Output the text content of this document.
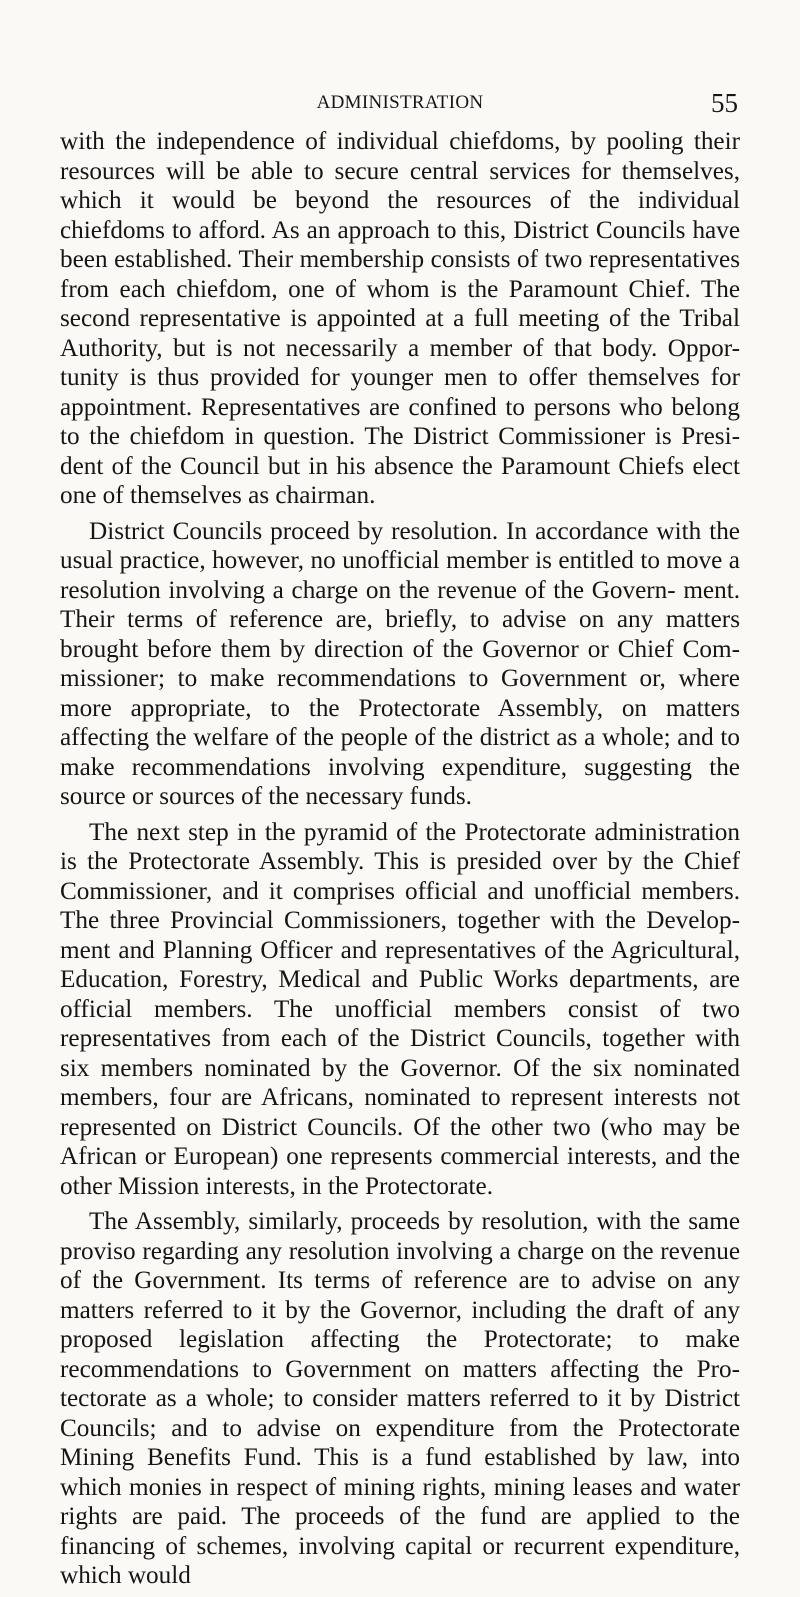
ADMINISTRATION	55

with the independence of individual chiefdoms, by pooling their resources will be able to secure central services for themselves, which it would be beyond the resources of the individual chiefdoms to afford. As an approach to this, District Councils have been established. Their membership consists of two representatives from each chiefdom, one of whom is the Paramount Chief. The second representative is appointed at a full meeting of the Tribal Authority, but is not necessarily a member of that body. Oppor- tunity is thus provided for younger men to offer themselves for appointment. Representatives are confined to persons who belong to the chiefdom in question. The District Commissioner is Presi- dent of the Council but in his absence the Paramount Chiefs elect one of themselves as chairman.

District Councils proceed by resolution. In accordance with the usual practice, however, no unofficial member is entitled to move a resolution involving a charge on the revenue of the Govern- ment. Their terms of reference are, briefly, to advise on any matters brought before them by direction of the Governor or Chief Com- missioner; to make recommendations to Government or, where more appropriate, to the Protectorate Assembly, on matters affecting the welfare of the people of the district as a whole; and to make recommendations involving expenditure, suggesting the source or sources of the necessary funds.

The next step in the pyramid of the Protectorate administration is the Protectorate Assembly. This is presided over by the Chief Commissioner, and it comprises official and unofficial members. The three Provincial Commissioners, together with the Develop- ment and Planning Officer and representatives of the Agricultural, Education, Forestry, Medical and Public Works departments, are official members. The unofficial members consist of two representatives from each of the District Councils, together with six members nominated by the Governor. Of the six nominated members, four are Africans, nominated to represent interests not represented on District Councils. Of the other two (who may be African or European) one represents commercial interests, and the other Mission interests, in the Protectorate.

The Assembly, similarly, proceeds by resolution, with the same proviso regarding any resolution involving a charge on the revenue of the Government. Its terms of reference are to advise on any matters referred to it by the Governor, including the draft of any proposed legislation affecting the Protectorate; to make recommendations to Government on matters affecting the Pro- tectorate as a whole; to consider matters referred to it by District Councils; and to advise on expenditure from the Protectorate Mining Benefits Fund. This is a fund established by law, into which monies in respect of mining rights, mining leases and water rights are paid. The proceeds of the fund are applied to the financing of schemes, involving capital or recurrent expenditure, which would
